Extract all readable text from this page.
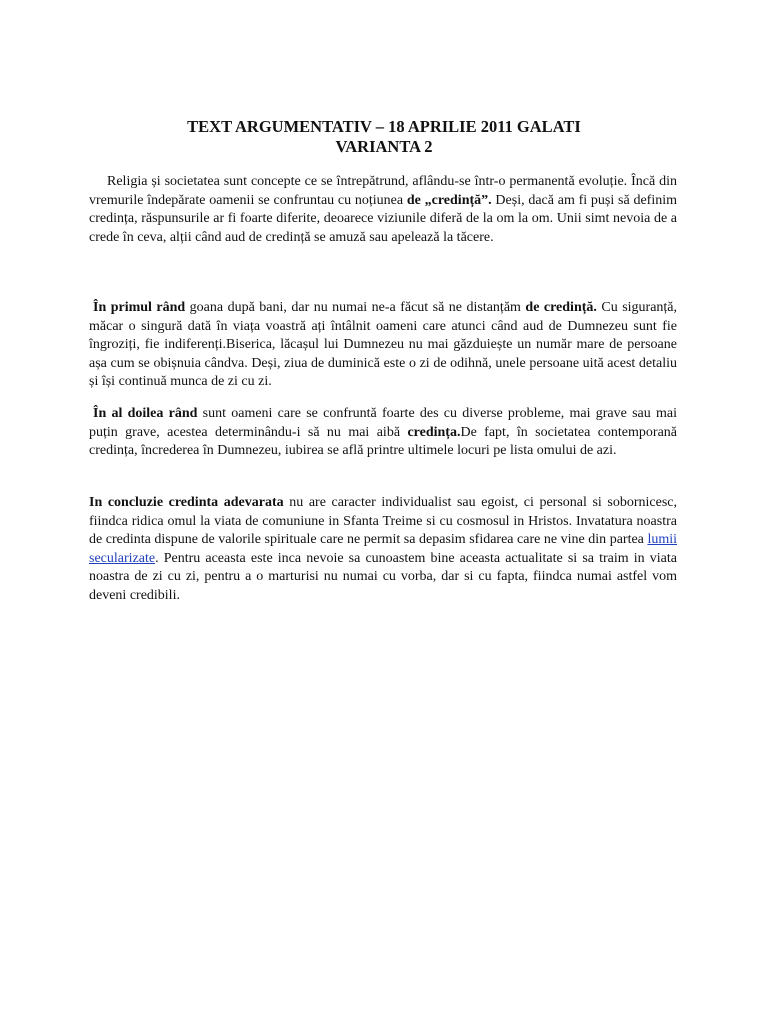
TEXT ARGUMENTATIV – 18 APRILIE 2011 GALATI
VARIANTA 2

Religia și societatea sunt concepte ce se întrepătrund, aflându-se într-o permanentă evoluție. Încă din vremurile îndepărate oamenii se confruntau cu noțiunea de „credință”. Deși, dacă am fi puși să definim credința, răspunsurile ar fi foarte diferite, deoarece viziunile diferă de la om la om. Unii simt nevoia de a crede în ceva, alții când aud de credință se amuză sau apelează la tăcere.

În primul rând goana după bani, dar nu numai ne-a făcut să ne distanțăm de credință. Cu siguranță, măcar o singură dată în viața voastră ați întâlnit oameni care atunci când aud de Dumnezeu sunt fie îngroziți, fie indiferenți.Biserica, lăcașul lui Dumnezeu nu mai găzduiește un număr mare de persoane așa cum se obișnuia cândva. Deși, ziua de duminică este o zi de odihnă, unele persoane uită acest detaliu și își continuă munca de zi cu zi.

În al doilea rând sunt oameni care se confruntă foarte des cu diverse probleme, mai grave sau mai puțin grave, acestea determinându-i să nu mai aibă credința.De fapt, în societatea contemporană credința, încrederea în Dumnezeu, iubirea se află printre ultimele locuri pe lista omului de azi.

In concluzie credinta adevarata nu are caracter individualist sau egoist, ci personal si sobornicesc, fiindca ridica omul la viata de comuniune in Sfanta Treime si cu cosmosul in Hristos. Invatatura noastra de credinta dispune de valorile spirituale care ne permit sa depasim sfidarea care ne vine din partea lumii secularizate. Pentru aceasta este inca nevoie sa cunoastem bine aceasta actualitate si sa traim in viata noastra de zi cu zi, pentru a o marturisi nu numai cu vorba, dar si cu fapta, fiindca numai astfel vom deveni credibili.
